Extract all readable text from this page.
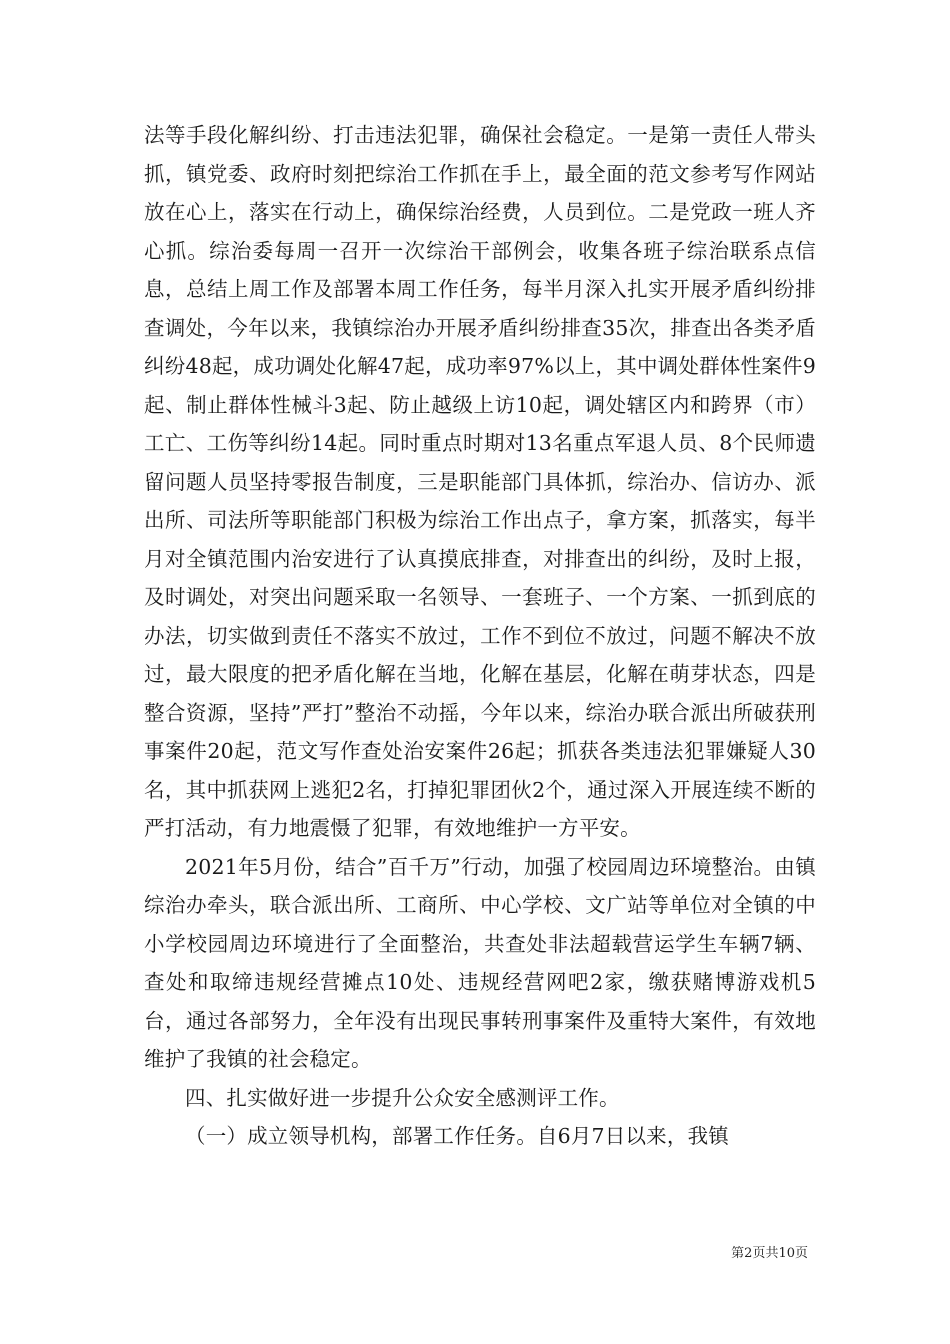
法等手段化解纠纷、打击违法犯罪，确保社会稳定。一是第一责任人带头抓，镇党委、政府时刻把综治工作抓在手上，最全面的范文参考写作网站放在心上，落实在行动上，确保综治经费，人员到位。二是党政一班人齐心抓。综治委每周一召开一次综治干部例会，收集各班子综治联系点信息，总结上周工作及部署本周工作任务，每半月深入扎实开展矛盾纠纷排查调处，今年以来，我镇综治办开展矛盾纠纷排查35次，排查出各类矛盾纠纷48起，成功调处化解47起，成功率97%以上，其中调处群体性案件9起、制止群体性械斗3起、防止越级上访10起，调处辖区内和跨界（市）工亡、工伤等纠纷14起。同时重点时期对13名重点军退人员、8个民师遗留问题人员坚持零报告制度，三是职能部门具体抓，综治办、信访办、派出所、司法所等职能部门积极为综治工作出点子，拿方案，抓落实，每半月对全镇范围内治安进行了认真摸底排查，对排查出的纠纷，及时上报，及时调处，对突出问题采取一名领导、一套班子、一个方案、一抓到底的办法，切实做到责任不落实不放过，工作不到位不放过，问题不解决不放过，最大限度的把矛盾化解在当地，化解在基层，化解在萌芽状态，四是整合资源，坚持”严打”整治不动摇，今年以来，综治办联合派出所破获刑事案件20起，范文写作查处治安案件26起；抓获各类违法犯罪嫌疑人30名，其中抓获网上逃犯2名，打掉犯罪团伙2个，通过深入开展连续不断的严打活动，有力地震慑了犯罪，有效地维护一方平安。

2021年5月份，结合”百千万”行动，加强了校园周边环境整治。由镇综治办牵头，联合派出所、工商所、中心学校、文广站等单位对全镇的中小学校园周边环境进行了全面整治，共查处非法超载营运学生车辆7辆、查处和取缔违规经营摊点10处、违规经营网吧2家，缴获赌博游戏机5台，通过各部努力，全年没有出现民事转刑事案件及重特大案件，有效地维护了我镇的社会稳定。

四、扎实做好进一步提升公众安全感测评工作。

（一）成立领导机构，部署工作任务。自6月7日以来，我镇

第2页共10页
